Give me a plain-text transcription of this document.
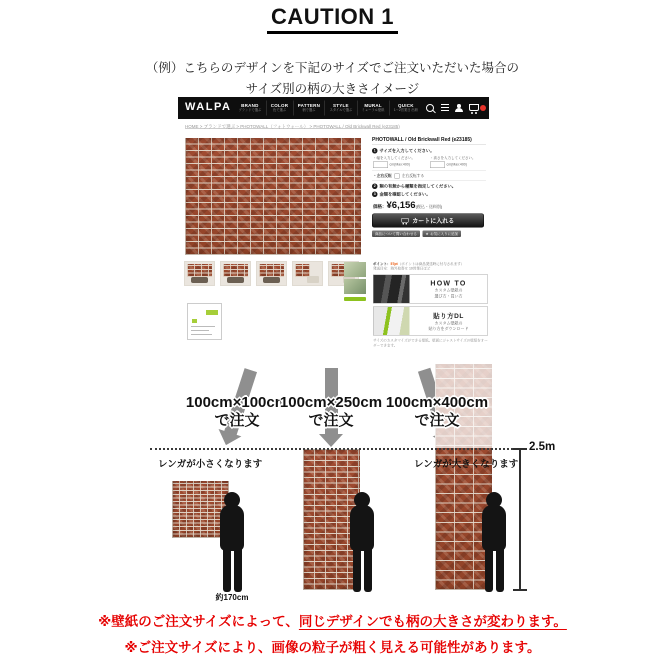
CAUTION 1
（例）こちらのデザインを下記のサイズでご注文いただいた場合の
サイズ別の柄の大きさイメージ
WALPA BRAND
ブランドで選ぶ
COLOR
色で選ぶ
PATTERN
柄で選ぶ
STYLE
スタイルで選ぶ
MURAL
ミューラル壁紙
QUICK
1〜2営業日 出荷
HOME > ブランドで選ぶ > PHOTOWALL（フォトウォール） > PHOTOWALL / Old Brickwall Red (e23185)
PHOTOWALL / Old Brickwall Red (e23185)
1 サイズを入力してください。
・幅を入力してください。
cm(Max:400)
・高さを入力してください。
cm(Max:400)
・左右反転 左右反転する
2 糊の有無から種類を指定してください。
3 金額を確認してください。
価格：¥6,156(税込・送料別)
カートに入れる
商品について問い合わせる ★ お気に入りに追加
ポイント：57pt（ポイントは商品発送時に付与されます）
発送目安：海外取寄せ 10営業日ほど
HOW TO
カスタム壁紙の
選び方・買い方
貼り方DL
カスタム壁紙の
貼り方をダウンロード
サイズのカスタマイズができる壁紙。壁面にジャストサイズの壁紙をオーダーできます。
100cm×100cm
で注文
100cm×250cm
で注文
100cm×400cm
で注文
レンガが小さくなります	レンガが大きくなります
約170cm
2.5m
※壁紙のご注文サイズによって、同じデザインでも柄の大きさが変わります。
※ご注文サイズにより、画像の粒子が粗く見える可能性があります。
